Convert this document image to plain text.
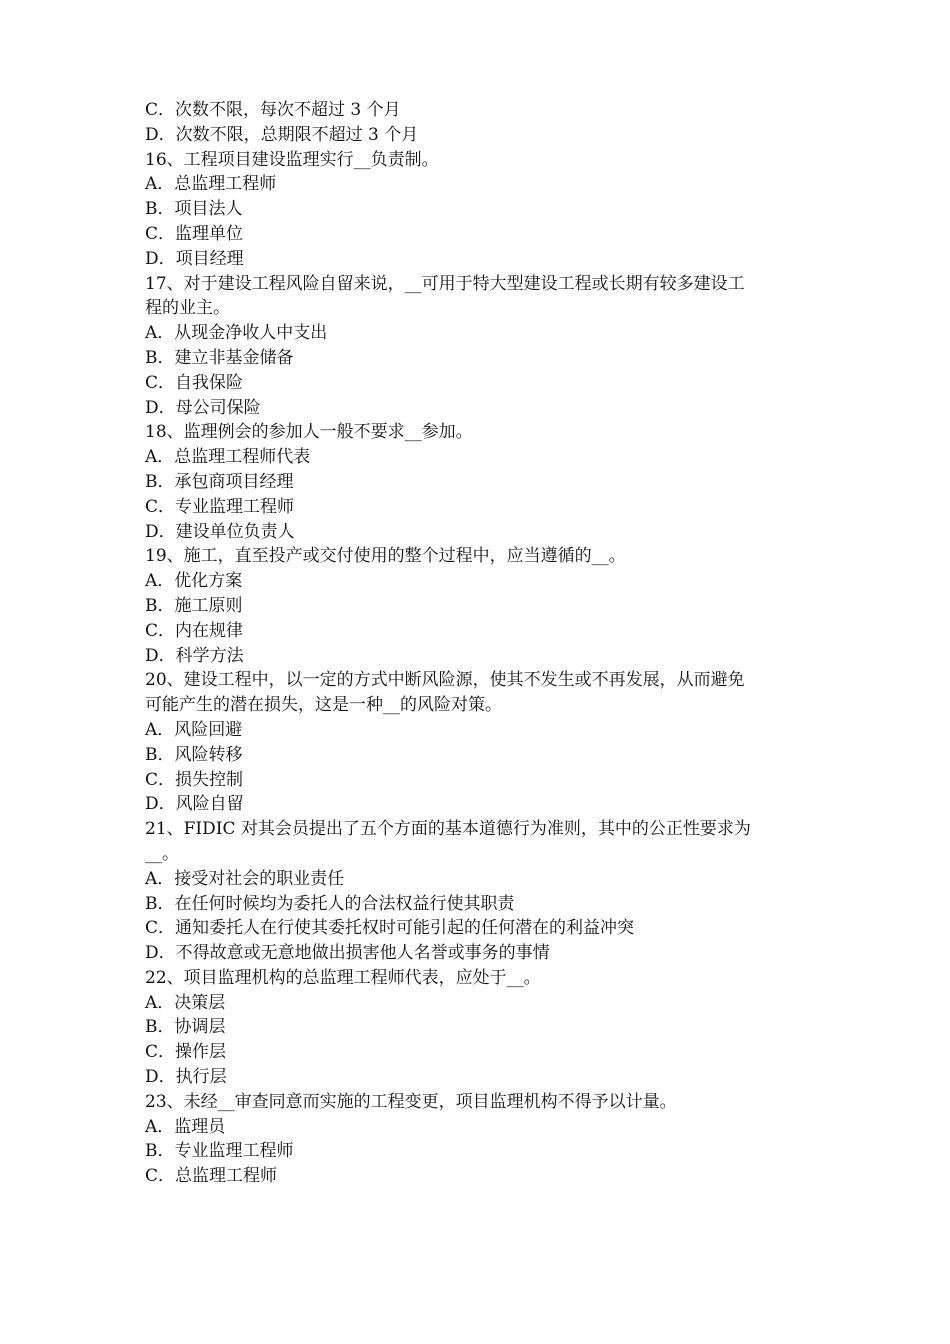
C．次数不限，每次不超过 3 个月
D．次数不限，总期限不超过 3 个月
16、工程项目建设监理实行__负责制。
A．总监理工程师
B．项目法人
C．监理单位
D．项目经理
17、对于建设工程风险自留来说，__可用于特大型建设工程或长期有较多建设工
程的业主。
A．从现金净收人中支出
B．建立非基金储备
C．自我保险
D．母公司保险
18、监理例会的参加人一般不要求__参加。
A．总监理工程师代表
B．承包商项目经理
C．专业监理工程师
D．建设单位负责人
19、施工，直至投产或交付使用的整个过程中，应当遵循的__。
A．优化方案
B．施工原则
C．内在规律
D．科学方法
20、建设工程中，以一定的方式中断风险源，使其不发生或不再发展，从而避免
可能产生的潜在损失，这是一种__的风险对策。
A．风险回避
B．风险转移
C．损失控制
D．风险自留
21、FIDIC 对其会员提出了五个方面的基本道德行为准则，其中的公正性要求为
__。
A．接受对社会的职业责任
B．在任何时候均为委托人的合法权益行使其职责
C．通知委托人在行使其委托权时可能引起的任何潜在的利益冲突
D．不得故意或无意地做出损害他人名誉或事务的事情
22、项目监理机构的总监理工程师代表，应处于__。
A．决策层
B．协调层
C．操作层
D．执行层
23、未经__审查同意而实施的工程变更，项目监理机构不得予以计量。
A．监理员
B．专业监理工程师
C．总监理工程师
